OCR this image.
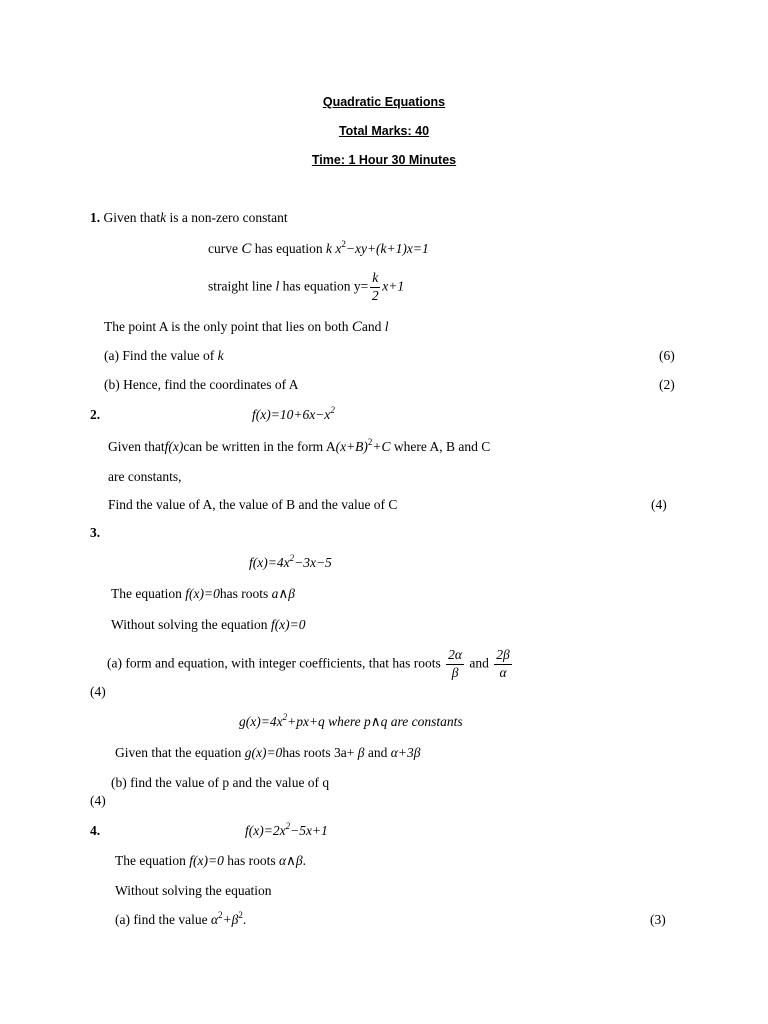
Quadratic Equations
Total Marks: 40
Time: 1 Hour 30 Minutes
1. Given thatk is a non-zero constant
curve C has equation k $x^2-xy+(k+1)x=1$
straight line l has equation $y= \frac{k}{2} x+1$
The point A is the only point that lies on both Cand l
(a) Find the value of k	(6)
(b) Hence, find the coordinates of A	(2)
2.	$f(x)=10+6x-x^2$
Given thatf(x)can be written in the form $A(x+B)^2+C$ where A, B and C
are constants,
Find the value of A, the value of B and the value of C	(4)
3.
$f(x)=4x^2-3x-5$
The equation f(x)=0has roots a∧β
Without solving the equation f(x)=0
(a) form and equation, with integer coefficients, that has roots $\frac{2\alpha}{\beta}$ and $\frac{2\beta}{\alpha}$
(4)
$g(x)=4x^2+px+q$ where p∧q are constants
Given that the equation g(x)=0has roots 3a+ β and α+3β
(b) find the value of p and the value of q
(4)
4.	$f(x)=2x^2-5x+1$
The equation f(x)=0 has roots α∧β.
Without solving the equation
(a) find the value $\alpha^2+\beta^2$.	(3)
